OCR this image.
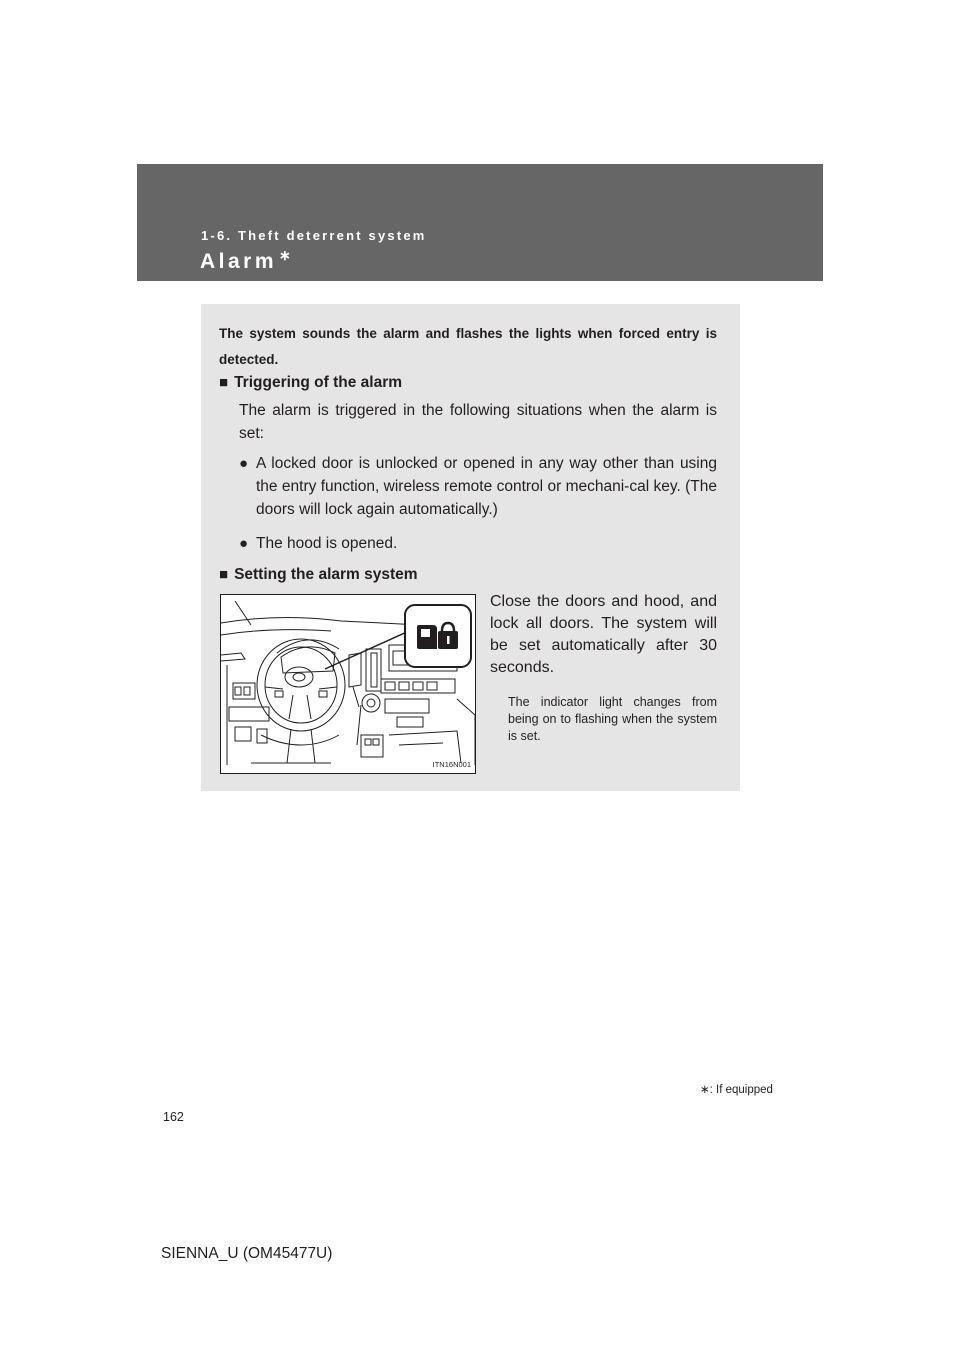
1-6. Theft deterrent system
Alarm ∗
The system sounds the alarm and flashes the lights when forced entry is detected.
■ Triggering of the alarm
The alarm is triggered in the following situations when the alarm is set:
● A locked door is unlocked or opened in any way other than using the entry function, wireless remote control or mechani-cal key. (The doors will lock again automatically.)
● The hood is opened.
■ Setting the alarm system
ITN16N001
Close the doors and hood, and lock all doors. The system will be set automatically after 30 seconds.
The indicator light changes from being on to flashing when the system is set.
∗: If equipped
162
SIENNA_U (OM45477U)
